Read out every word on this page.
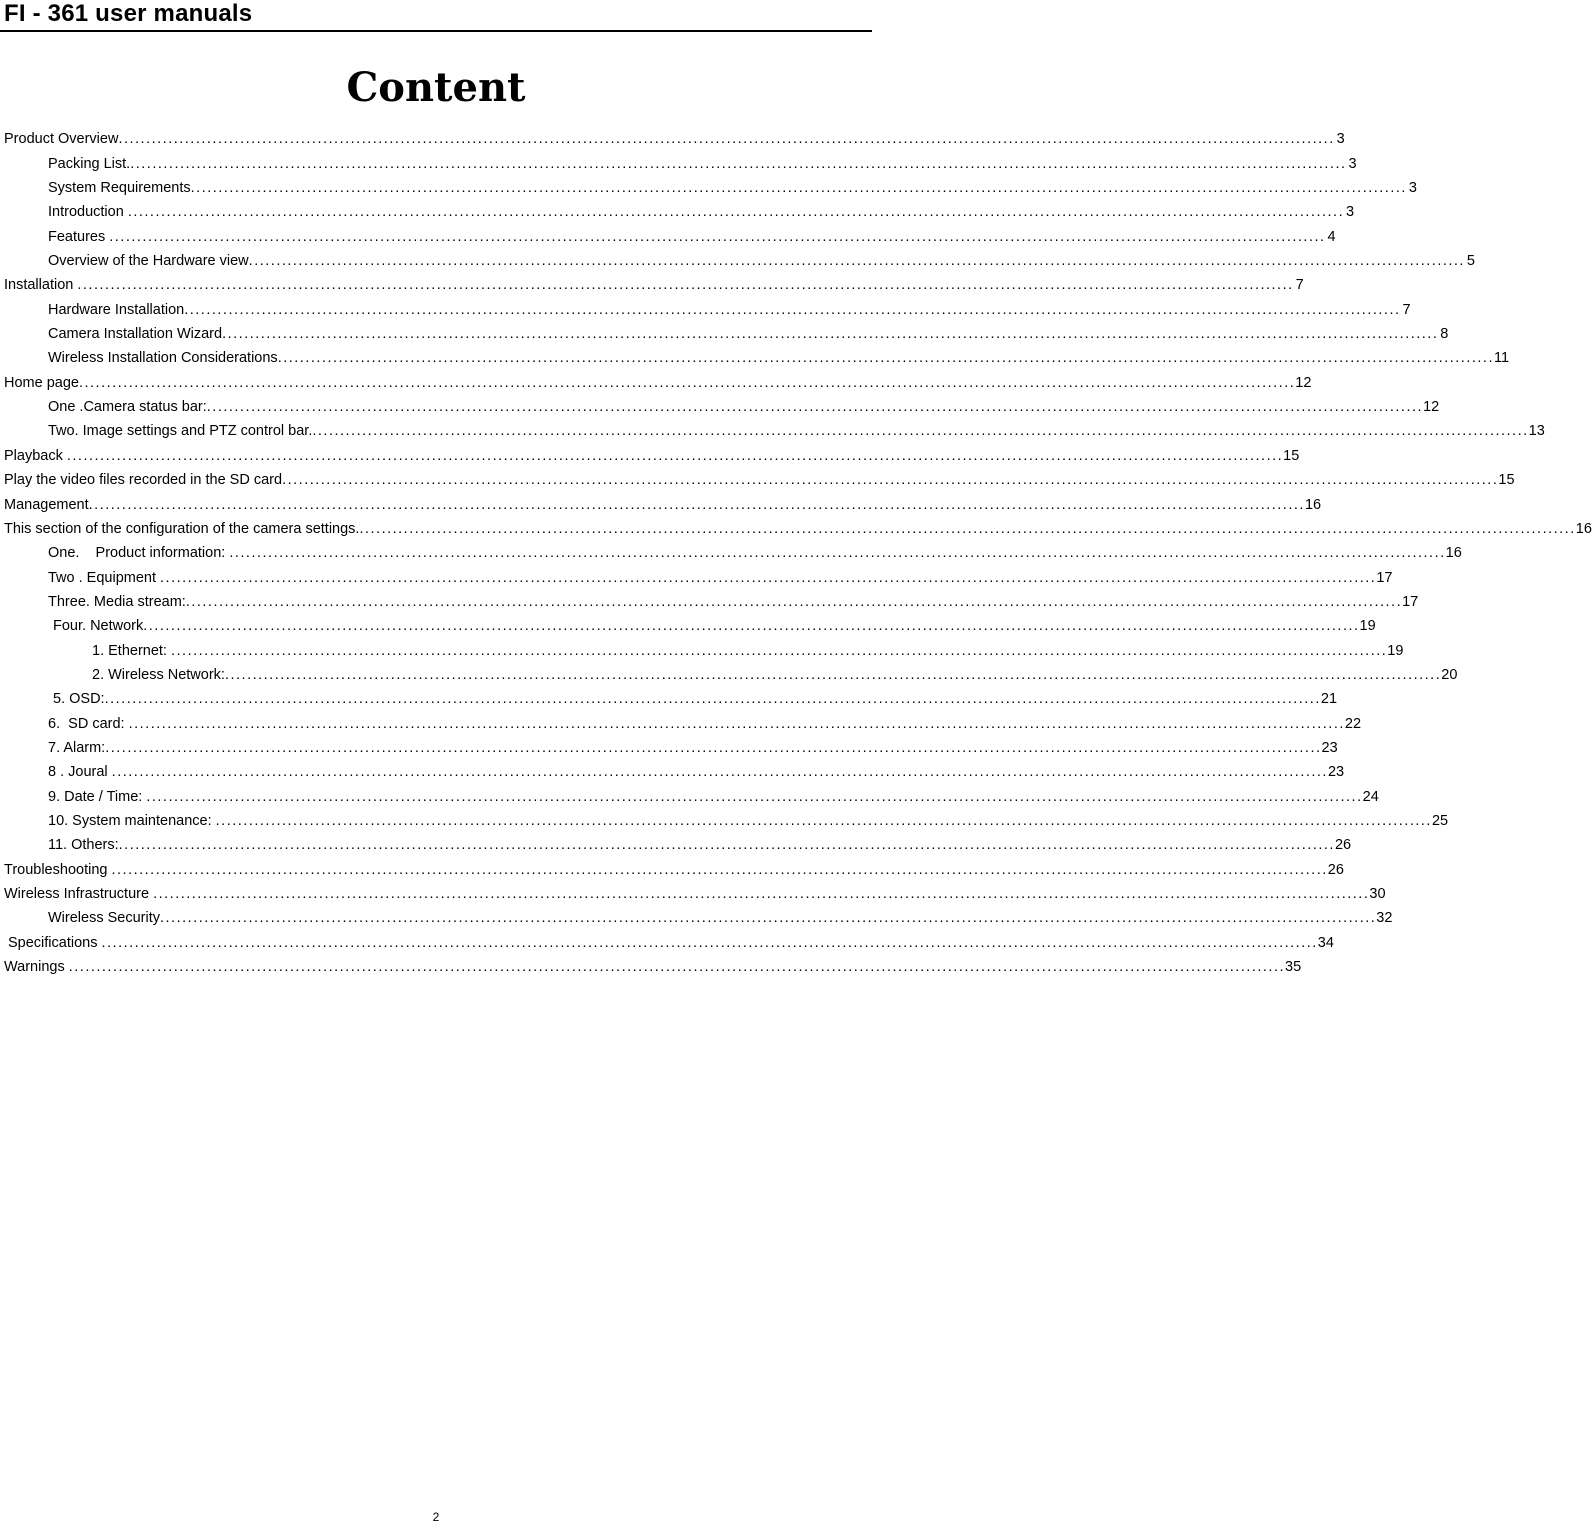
FI - 361 user manuals
Content
Product Overview ............................................................................................................................................................................................................................ 3
Packing List. ............................................................................................................................................................................................................................ 3
System Requirements ............................................................................................................................................................................................................................ 3
Introduction ............................................................................................................................................................................................................................ 3
Features ............................................................................................................................................................................................................................ 4
Overview of the Hardware view ............................................................................................................................................................................................................................ 5
Installation ............................................................................................................................................................................................................................ 7
Hardware Installation ............................................................................................................................................................................................................................ 7
Camera Installation Wizard ............................................................................................................................................................................................................................ 8
Wireless Installation Considerations ............................................................................................................................................................................................................................ 11
Home page ............................................................................................................................................................................................................................ 12
One .Camera status bar: ............................................................................................................................................................................................................................ 12
Two. Image settings and PTZ control bar. ............................................................................................................................................................................................................................ 13
Playback ............................................................................................................................................................................................................................ 15
Play the video files recorded in the SD card ............................................................................................................................................................................................................................ 15
Management ............................................................................................................................................................................................................................ 16
This section of the configuration of the camera settings. ............................................................................................................................................................................................................................ 16
One.    Product information: ............................................................................................................................................................................................................................ 16
Two . Equipment ............................................................................................................................................................................................................................ 17
Three. Media stream: ............................................................................................................................................................................................................................ 17
Four. Network ............................................................................................................................................................................................................................ 19
1. Ethernet: ............................................................................................................................................................................................................................ 19
2. Wireless Network: ............................................................................................................................................................................................................................ 20
5. OSD: ............................................................................................................................................................................................................................ 21
6.  SD card: ............................................................................................................................................................................................................................ 22
7. Alarm: ............................................................................................................................................................................................................................ 23
8 . Joural ............................................................................................................................................................................................................................ 23
9. Date / Time: ............................................................................................................................................................................................................................ 24
10. System maintenance: ............................................................................................................................................................................................................................ 25
11. Others: ............................................................................................................................................................................................................................ 26
Troubleshooting ............................................................................................................................................................................................................................ 26
Wireless Infrastructure ............................................................................................................................................................................................................................ 30
Wireless Security ............................................................................................................................................................................................................................ 32
Specifications ............................................................................................................................................................................................................................ 34
Warnings ............................................................................................................................................................................................................................ 35
2
